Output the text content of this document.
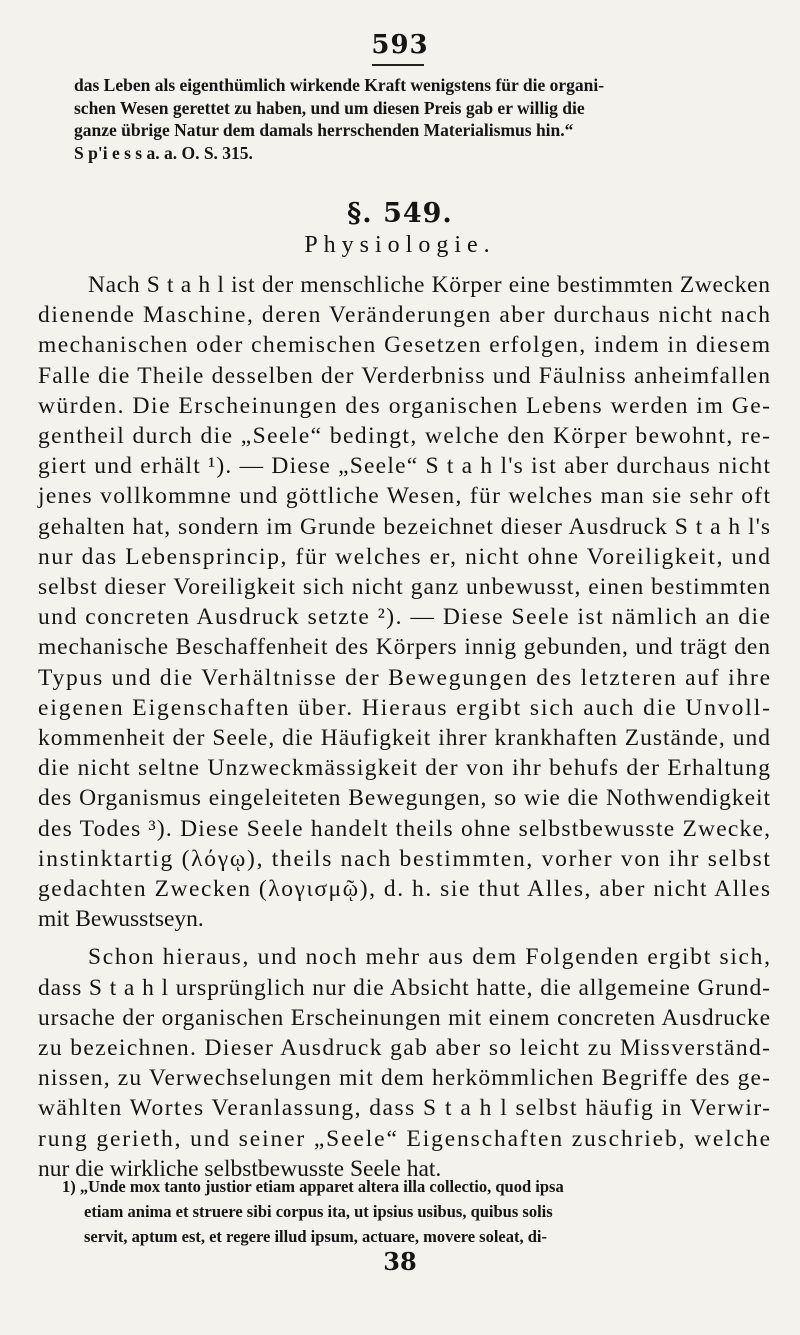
593
das Leben als eigenthümlich wirkende Kraft wenigstens für die organi-
schen Wesen gerettet zu haben, und um diesen Preis gab er willig die
ganze übrige Natur dem damals herrschenden Materialismus hin.“
S p'i e s s a. a. O. S. 315.
§. 549.
Physiologie.
Nach S t a h l ist der menschliche Körper eine bestimmten Zwecken
dienende Maschine, deren Veränderungen aber durchaus nicht nach
mechanischen oder chemischen Gesetzen erfolgen, indem in diesem
Falle die Theile desselben der Verderbniss und Fäulniss anheimfallen
würden. Die Erscheinungen des organischen Lebens werden im Ge-
gentheil durch die „Seele“ bedingt, welche den Körper bewohnt, re-
giert und erhält ¹). — Diese „Seele“ S t a h l's ist aber durchaus nicht
jenes vollkommne und göttliche Wesen, für welches man sie sehr oft
gehalten hat, sondern im Grunde bezeichnet dieser Ausdruck S t a h l's
nur das Lebensprincip, für welches er, nicht ohne Voreiligkeit, und
selbst dieser Voreiligkeit sich nicht ganz unbewusst, einen bestimmten
und concreten Ausdruck setzte ²). — Diese Seele ist nämlich an die
mechanische Beschaffenheit des Körpers innig gebunden, und trägt den
Typus und die Verhältnisse der Bewegungen des letzteren auf ihre
eigenen Eigenschaften über. Hieraus ergibt sich auch die Unvoll-
kommenheit der Seele, die Häufigkeit ihrer krankhaften Zustände, und
die nicht seltne Unzweckmässigkeit der von ihr behufs der Erhaltung
des Organismus eingeleiteten Bewegungen, so wie die Nothwendigkeit
des Todes ³). Diese Seele handelt theils ohne selbstbewusste Zwecke,
instinktartig (λόγῳ), theils nach bestimmten, vorher von ihr selbst
gedachten Zwecken (λογισμῷ), d. h. sie thut Alles, aber nicht Alles
mit Bewusstseyn.
Schon hieraus, und noch mehr aus dem Folgenden ergibt sich,
dass S t a h l ursprünglich nur die Absicht hatte, die allgemeine Grund-
ursache der organischen Erscheinungen mit einem concreten Ausdrucke
zu bezeichnen. Dieser Ausdruck gab aber so leicht zu Missverständ-
nissen, zu Verwechselungen mit dem herkömmlichen Begriffe des ge-
wählten Wortes Veranlassung, dass S t a h l selbst häufig in Verwir-
rung gerieth, und seiner „Seele“ Eigenschaften zuschrieb, welche
nur die wirkliche selbstbewusste Seele hat.
1) „Unde mox tanto justior etiam apparet altera illa collectio, quod ipsa
etiam anima et struere sibi corpus ita, ut ipsius usibus, quibus solis
servit, aptum est, et regere illud ipsum, actuare, movere soleat, di-
38
